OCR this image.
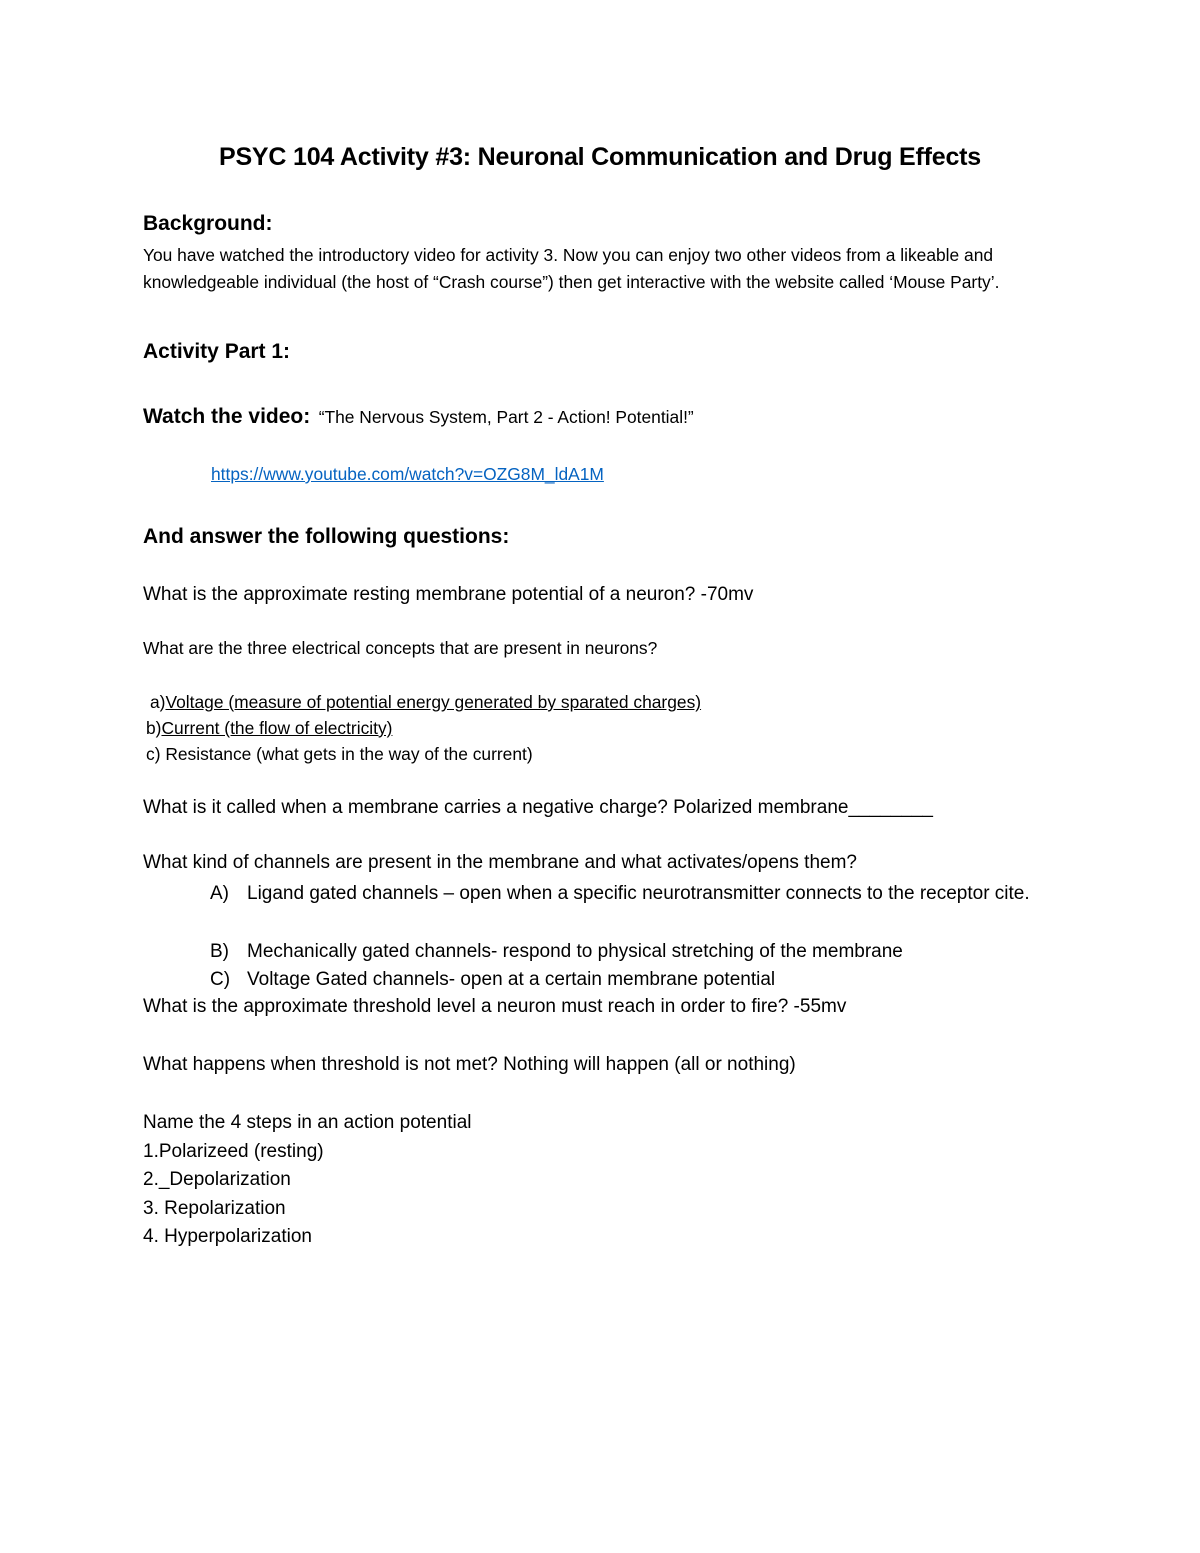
PSYC 104 Activity #3: Neuronal Communication and Drug Effects
Background:
You have watched the introductory video for activity 3. Now you can enjoy two other videos from a likeable and knowledgeable individual (the host of “Crash course”) then get interactive with the website called ‘Mouse Party’.
Activity Part 1:
Watch the video: “The Nervous System, Part 2 - Action! Potential!”
https://www.youtube.com/watch?v=OZG8M_ldA1M
And answer the following questions:
What is the approximate resting membrane potential of a neuron? -70mv
What are the three electrical concepts that are present in neurons?
a)Voltage (measure of potential energy generated by sparated charges)
b)Current (the flow of electricity)
c) Resistance (what gets in the way of the current)
What is it called when a membrane carries a negative charge? Polarized membrane________
What kind of channels are present in the membrane and what activates/opens them?
A) Ligand gated channels – open when a specific neurotransmitter connects to the receptor cite.
B) Mechanically gated channels- respond to physical stretching of the membrane
C) Voltage Gated channels- open at a certain membrane potential
What is the approximate threshold level a neuron must reach in order to fire? -55mv
What happens when threshold is not met? Nothing will happen (all or nothing)
Name the 4 steps in an action potential
1.Polarizeed (resting)
2._Depolarization
3. Repolarization
4. Hyperpolarization
